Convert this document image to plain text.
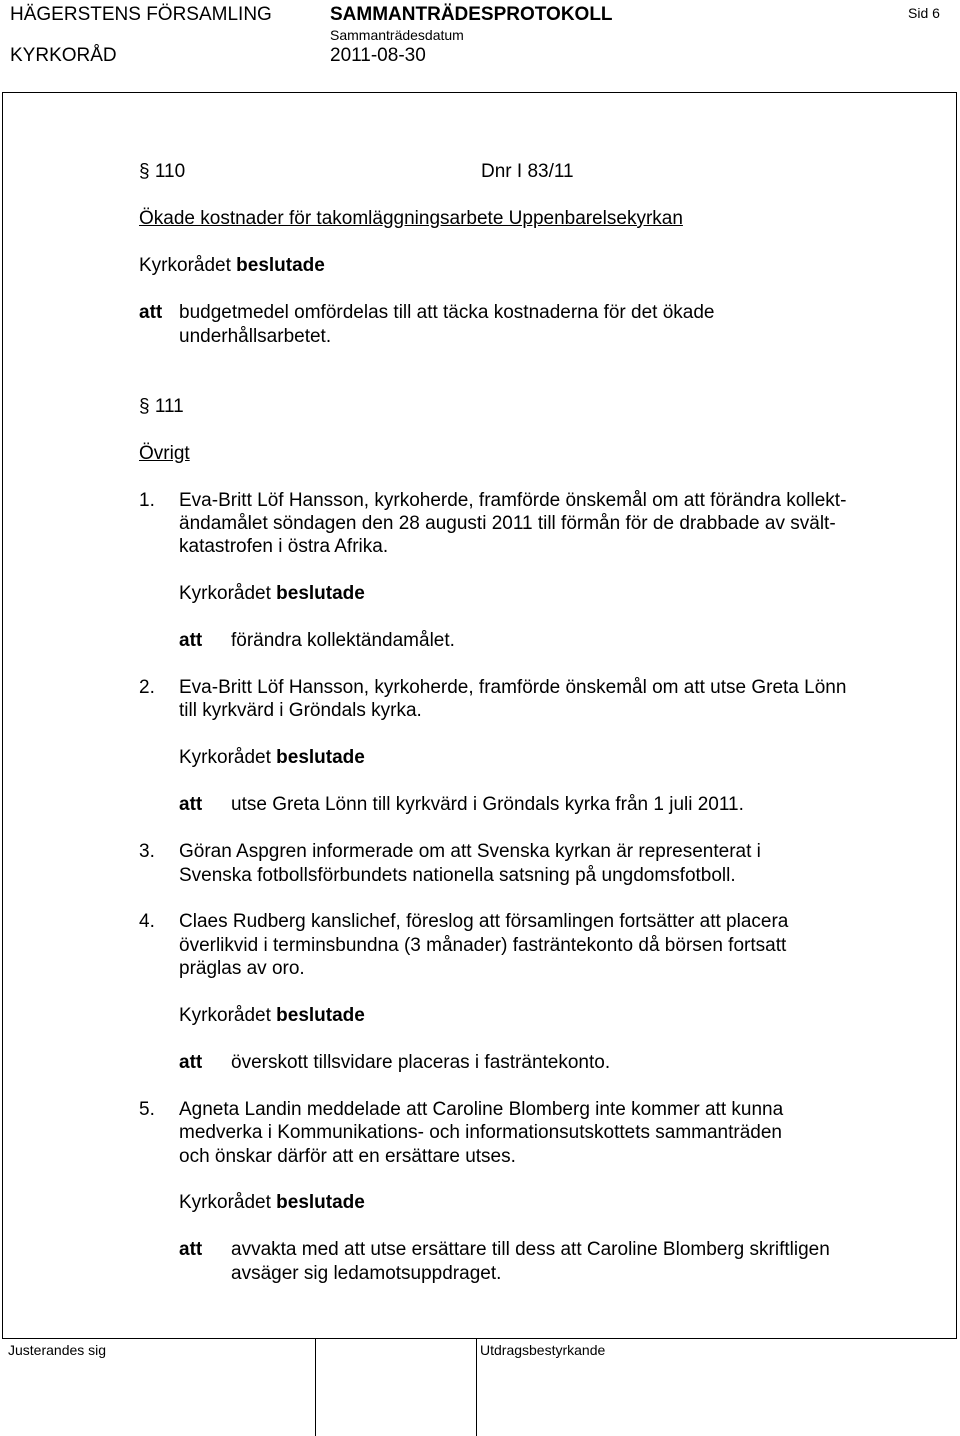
HÄGERSTENS FÖRSAMLING	SAMMANTRÄDESPROTOKOLL	Sid 6
Sammanträdesdatum
KYRKORÅD	2011-08-30
§ 110	Dnr I 83/11
Ökade kostnader för takomläggningsarbete Uppenbarelsekyrkan
Kyrkorådet beslutade
att budgetmedel omfördelas till att täcka kostnaderna för det ökade
underhållsarbetet.
§ 111
Övrigt
1. Eva-Britt Löf Hansson, kyrkoherde, framförde önskemål om att förändra kollekt-
ändamålet söndagen den 28 augusti 2011 till förmån för de drabbade av svält-
katastrofen i östra Afrika.
Kyrkorådet beslutade
att förändra kollektändamålet.
2. Eva-Britt Löf Hansson, kyrkoherde, framförde önskemål om att utse Greta Lönn
till kyrkvärd i Gröndals kyrka.
Kyrkorådet beslutade
att utse Greta Lönn till kyrkvärd i Gröndals kyrka från 1 juli 2011.
3. Göran Aspgren informerade om att Svenska kyrkan är representerat i
Svenska fotbollsförbundets nationella satsning på ungdomsfotboll.
4. Claes Rudberg kanslichef, föreslog att församlingen fortsätter att placera
överlikvid i terminsbundna (3 månader) fasträntekonto då börsen fortsatt
präglas av oro.
Kyrkorådet beslutade
att överskott tillsvidare placeras i fasträntekonto.
5. Agneta Landin meddelade att Caroline Blomberg inte kommer att kunna
medverka i Kommunikations- och informationsutskottets sammanträden
och önskar därför att en ersättare utses.
Kyrkorådet beslutade
att avvakta med att utse ersättare till dess att Caroline Blomberg skriftligen
avsäger sig ledamotsuppdraget.
Justerandes sig	Utdragsbestyrkande
